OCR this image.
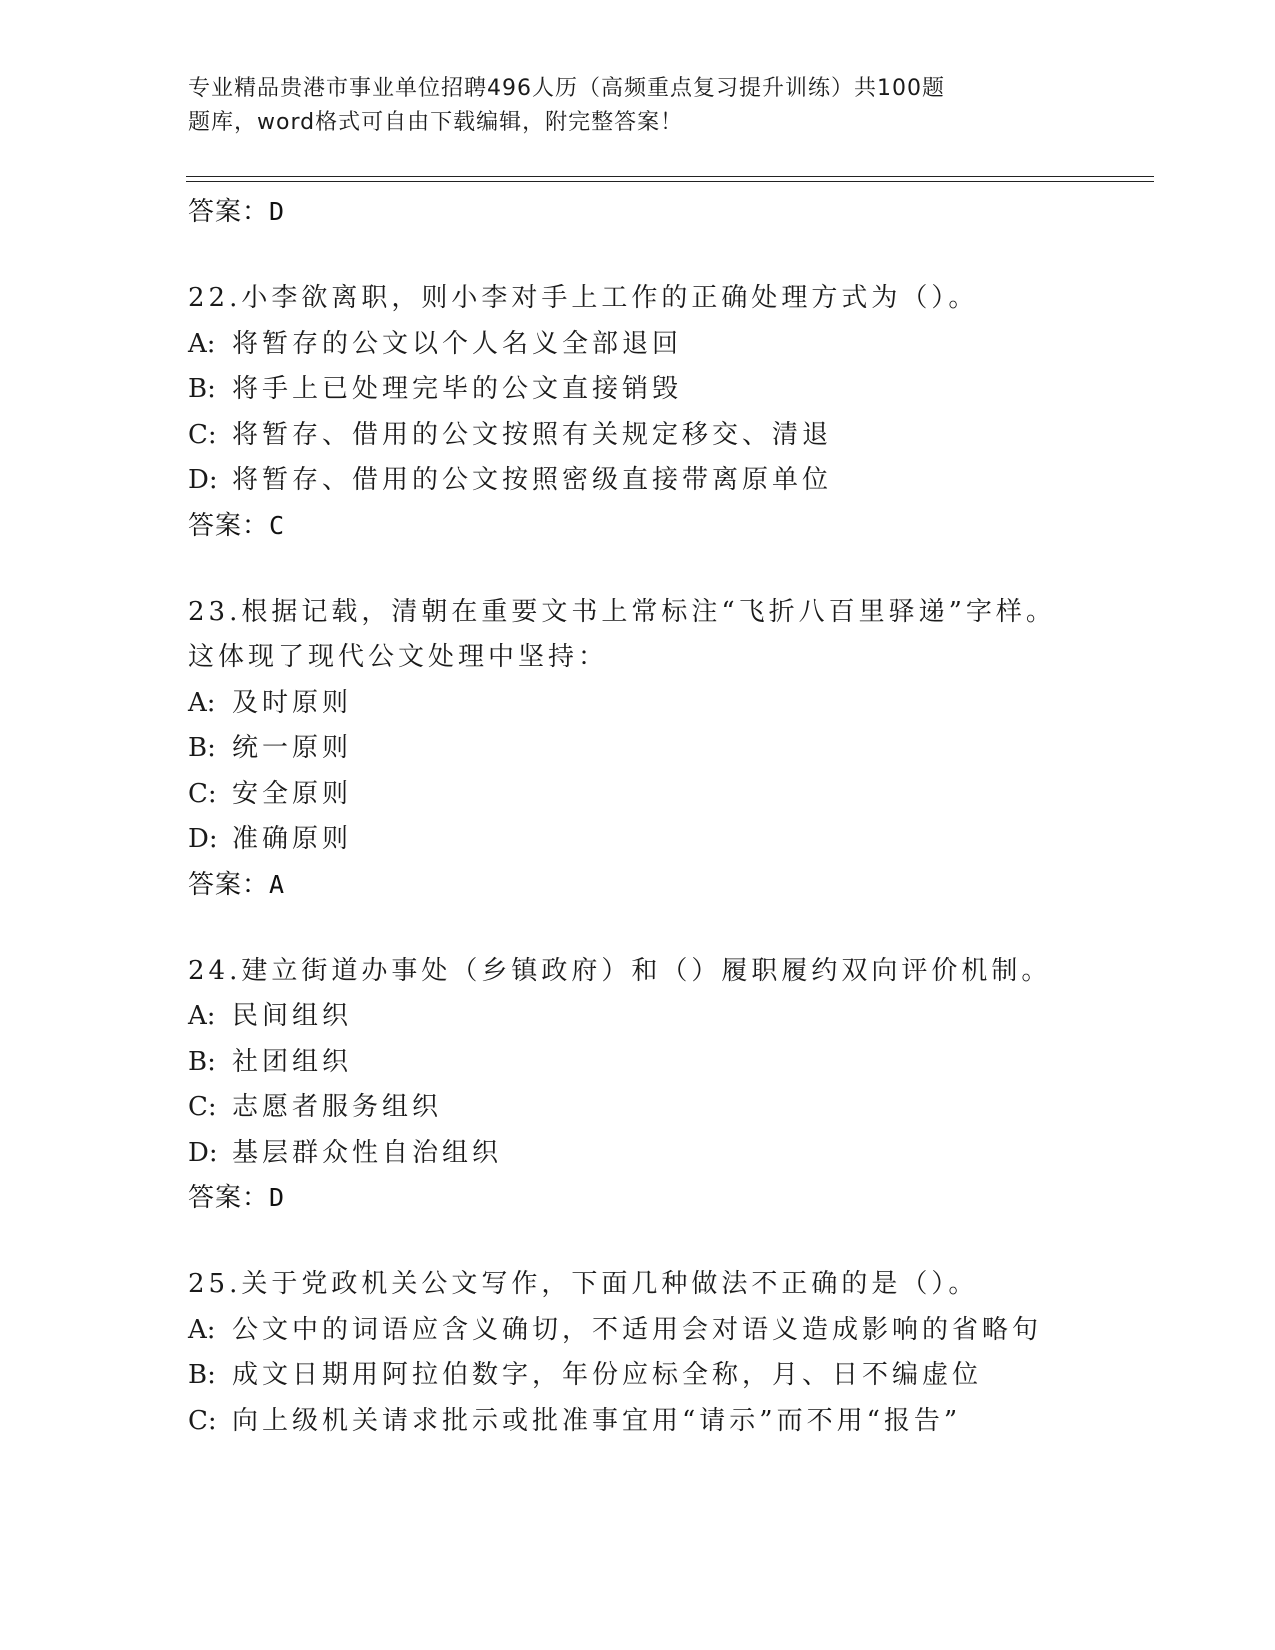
专业精品贵港市事业单位招聘496人历（高频重点复习提升训练）共100题
题库，word格式可自由下载编辑，附完整答案！
答案：D
22.小李欲离职，则小李对手上工作的正确处理方式为（）。
A: 将暂存的公文以个人名义全部退回
B: 将手上已处理完毕的公文直接销毁
C: 将暂存、借用的公文按照有关规定移交、清退
D: 将暂存、借用的公文按照密级直接带离原单位
答案：C
23.根据记载，清朝在重要文书上常标注“飞折八百里驿递”字样。这体现了现代公文处理中坚持：
A: 及时原则
B: 统一原则
C: 安全原则
D: 准确原则
答案：A
24.建立街道办事处（乡镇政府）和（）履职履约双向评价机制。
A: 民间组织
B: 社团组织
C: 志愿者服务组织
D: 基层群众性自治组织
答案：D
25.关于党政机关公文写作，下面几种做法不正确的是（）。
A: 公文中的词语应含义确切，不适用会对语义造成影响的省略句
B: 成文日期用阿拉伯数字，年份应标全称，月、日不编虚位
C: 向上级机关请求批示或批准事宜用“请示”而不用“报告”
